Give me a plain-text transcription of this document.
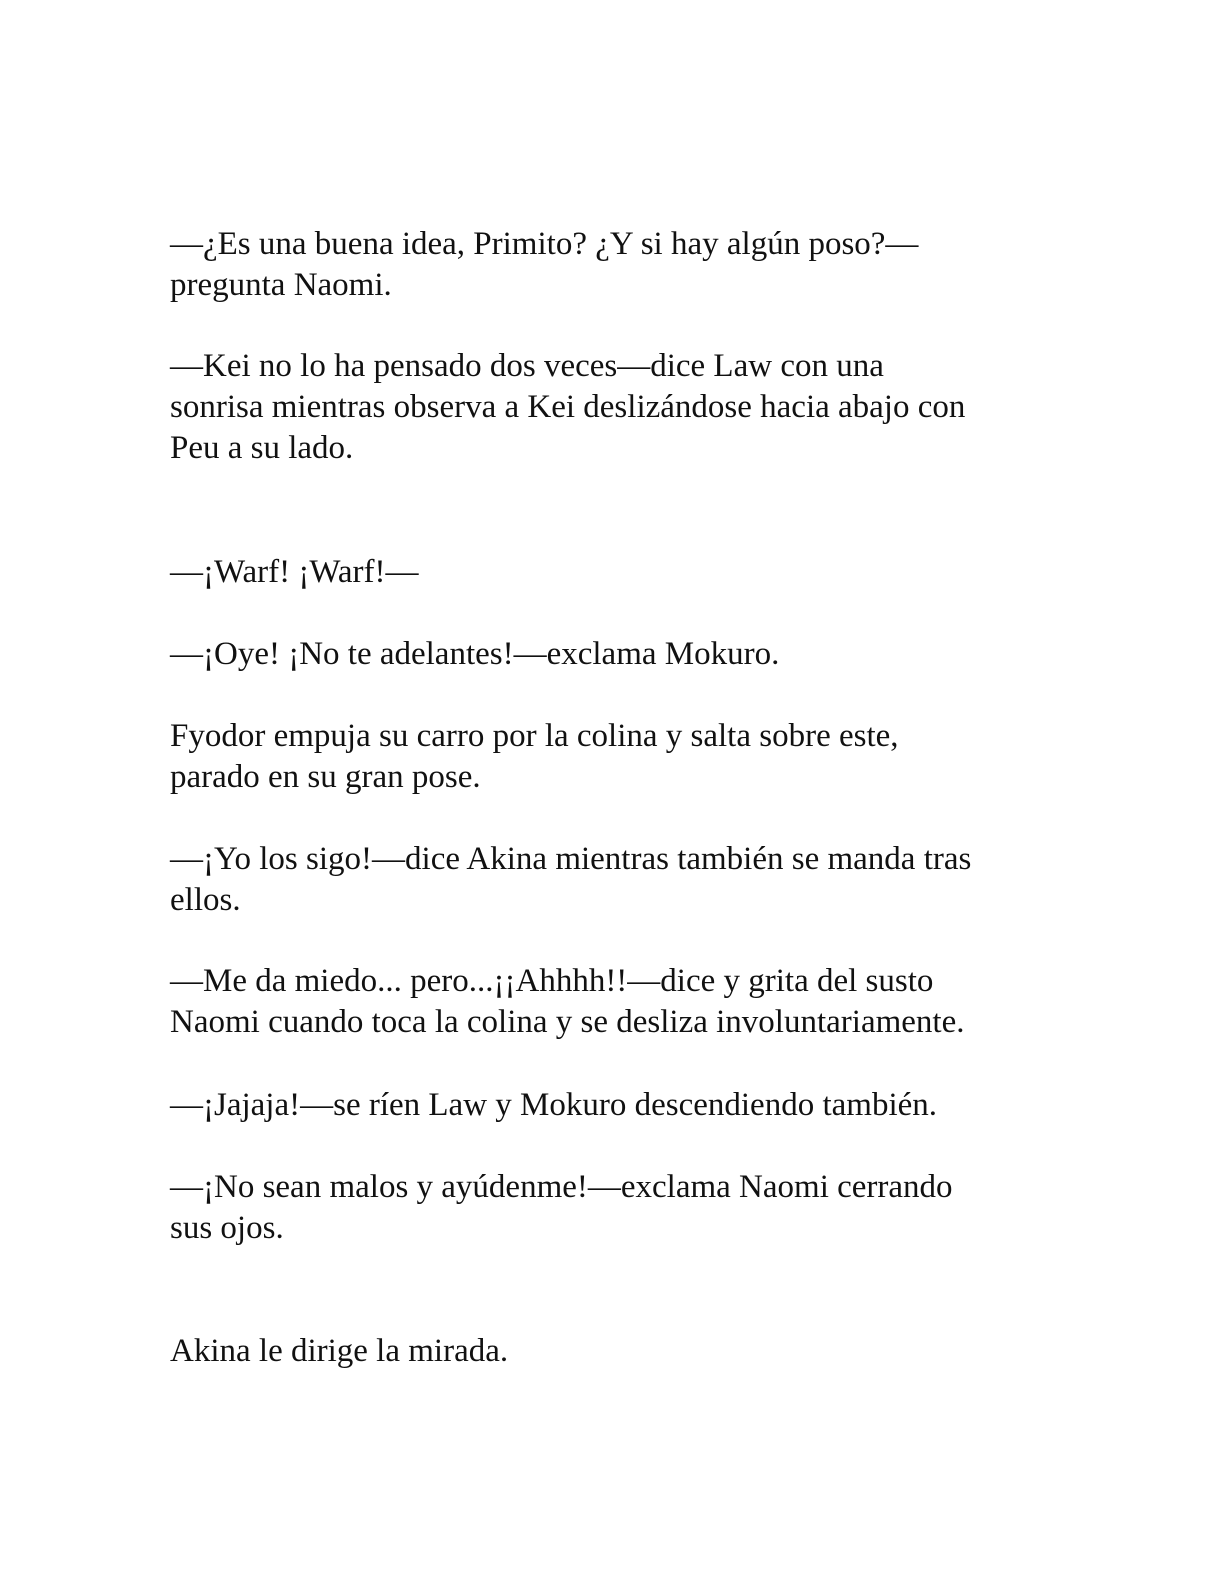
—¿Es una buena idea, Primito? ¿Y si hay algún poso?—
pregunta Naomi.

—Kei no lo ha pensado dos veces—dice Law con una
sonrisa mientras observa a Kei deslizándose hacia abajo con
Peu a su lado.

—¡Warf! ¡Warf!—

—¡Oye! ¡No te adelantes!—exclama Mokuro.

Fyodor empuja su carro por la colina y salta sobre este,
parado en su gran pose.

—¡Yo los sigo!—dice Akina mientras también se manda tras
ellos.

—Me da miedo... pero...¡¡Ahhhh!!—dice y grita del susto
Naomi cuando toca la colina y se desliza involuntariamente.

—¡Jajaja!—se ríen Law y Mokuro descendiendo también.

—¡No sean malos y ayúdenme!—exclama Naomi cerrando
sus ojos.

Akina le dirige la mirada.
